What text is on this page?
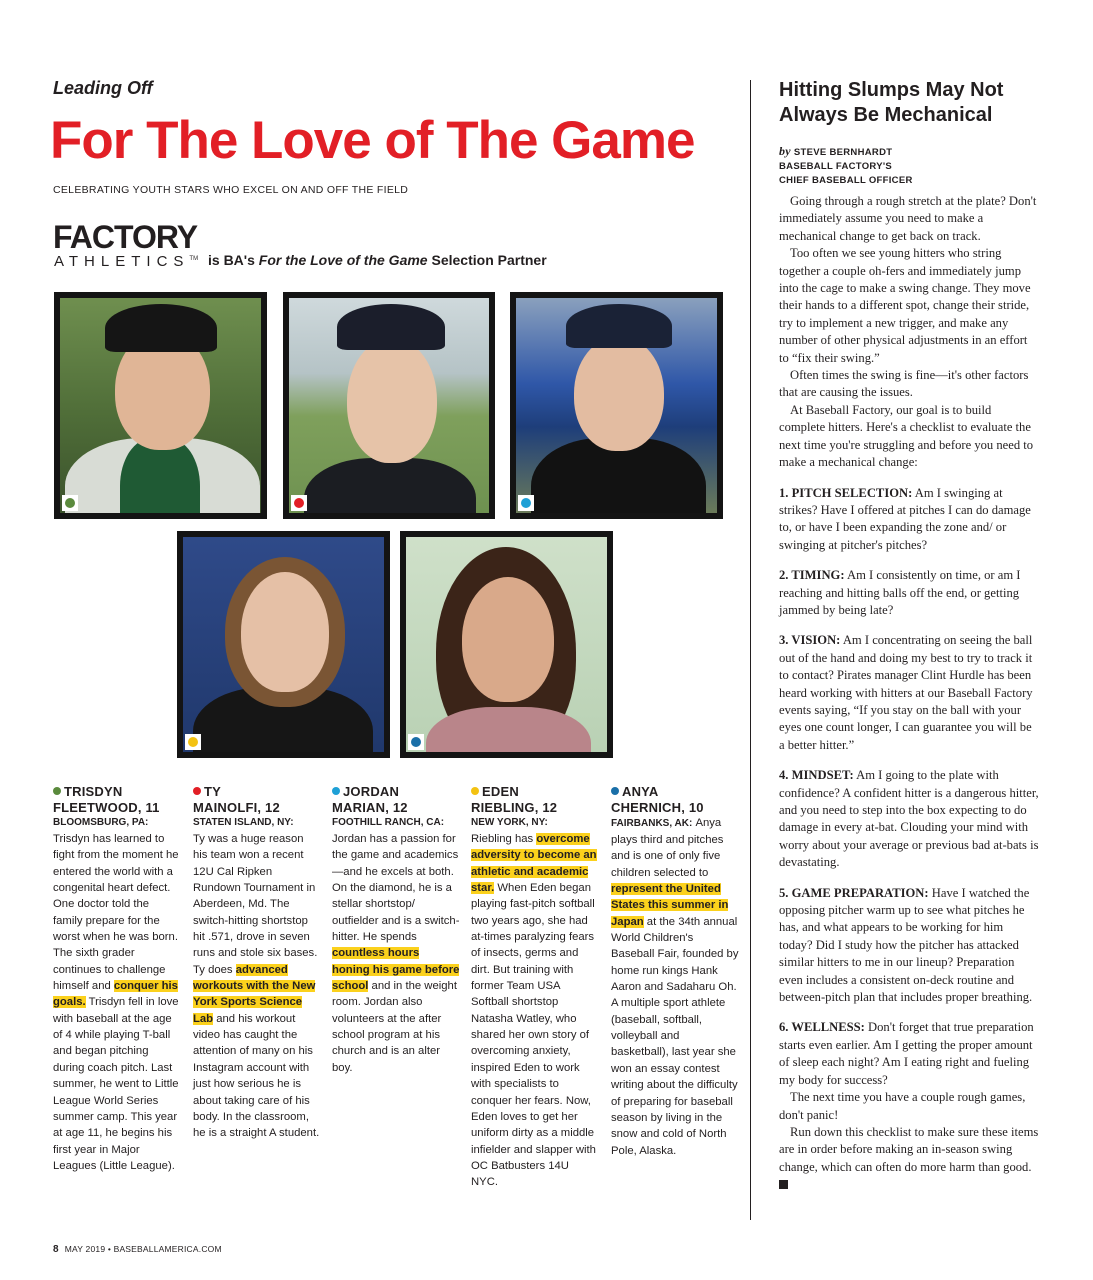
Leading Off
For The Love of The Game
CELEBRATING YOUTH STARS WHO EXCEL ON AND OFF THE FIELD
FACTORY
ATHLETICS™ is BA's For the Love of the Game Selection Partner
TRISDYN
FLEETWOOD, 11
BLOOMSBURG, PA:

Trisdyn has learned to fight from the moment he entered the world with a congenital heart defect. One doctor told the family prepare for the worst when he was born. The sixth grader continues to challenge himself and conquer his goals. Trisdyn fell in love with baseball at the age of 4 while playing T-ball and began pitching during coach pitch. Last summer, he went to Little League World Series summer camp. This year at age 11, he begins his first year in Major Leagues (Little League).

TY
MAINOLFI, 12
STATEN ISLAND, NY:

Ty was a huge reason his team won a recent 12U Cal Ripken Rundown Tournament in Aberdeen, Md. The switch-hitting shortstop hit .571, drove in seven runs and stole six bases. Ty does advanced workouts with the New York Sports Science Lab and his workout video has caught the attention of many on his Instagram account with just how serious he is about taking care of his body. In the classroom, he is a straight A student.

JORDAN
MARIAN, 12
FOOTHILL RANCH, CA:

Jordan has a passion for the game and academics—and he excels at both. On the diamond, he is a stellar shortstop/ outfielder and is a switch-hitter. He spends countless hours honing his game before school and in the weight room. Jordan also volunteers at the after school program at his church and is an alter boy.

EDEN
RIEBLING, 12
NEW YORK, NY:

Riebling has overcome adversity to become an athletic and academic star. When Eden began playing fast-pitch softball two years ago, she had at-times paralyzing fears of insects, germs and dirt. But training with former Team USA Softball shortstop Natasha Watley, who shared her own story of overcoming anxiety, inspired Eden to work with specialists to conquer her fears. Now, Eden loves to get her uniform dirty as a middle infielder and slapper with OC Batbusters 14U NYC.

ANYA
CHERNICH, 10
FAIRBANKS, AK:

Anya plays third and pitches and is one of only five children selected to represent the United States this summer in Japan at the 34th annual World Children's Baseball Fair, founded by home run kings Hank Aaron and Sadaharu Oh. A multiple sport athlete (baseball, softball, volleyball and basketball), last year she won an essay contest writing about the difficulty of preparing for baseball season by living in the snow and cold of North Pole, Alaska.

Hitting Slumps May Not Always Be Mechanical
by STEVE BERNHARDT
BASEBALL FACTORY'S
CHIEF BASEBALL OFFICER

Going through a rough stretch at the plate? Don't immediately assume you need to make a mechanical change to get back on track.

Too often we see young hitters who string together a couple oh-fers and immediately jump into the cage to make a swing change. They move their hands to a different spot, change their stride, try to implement a new trigger, and make any number of other physical adjustments in an effort to “fix their swing.”

Often times the swing is fine—it's other factors that are causing the issues.

At Baseball Factory, our goal is to build complete hitters. Here's a checklist to evaluate the next time you're struggling and before you need to make a mechanical change:

1. PITCH SELECTION: Am I swinging at strikes? Have I offered at pitches I can do damage to, or have I been expanding the zone and/ or swinging at pitcher's pitches?

2. TIMING: Am I consistently on time, or am I reaching and hitting balls off the end, or getting jammed by being late?

3. VISION: Am I concentrating on seeing the ball out of the hand and doing my best to try to track it to contact? Pirates manager Clint Hurdle has been heard working with hitters at our Baseball Factory events saying, “If you stay on the ball with your eyes one count longer, I can guarantee you will be a better hitter.”

4. MINDSET: Am I going to the plate with confidence? A confident hitter is a dangerous hitter, and you need to step into the box expecting to do damage in every at-bat. Clouding your mind with worry about your average or previous bad at-bats is devastating.

5. GAME PREPARATION: Have I watched the opposing pitcher warm up to see what pitches he has, and what appears to be working for him today? Did I study how the pitcher has attacked similar hitters to me in our lineup? Preparation even includes a consistent on-deck routine and between-pitch plan that includes proper breathing.

6. WELLNESS: Don't forget that true preparation starts even earlier. Am I getting the proper amount of sleep each night? Am I eating right and fueling my body for success?

The next time you have a couple rough games, don't panic!

Run down this checklist to make sure these items are in order before making an in-season swing change, which can often do more harm than good.

8 MAY 2019 • BASEBALLAMERICA.COM
